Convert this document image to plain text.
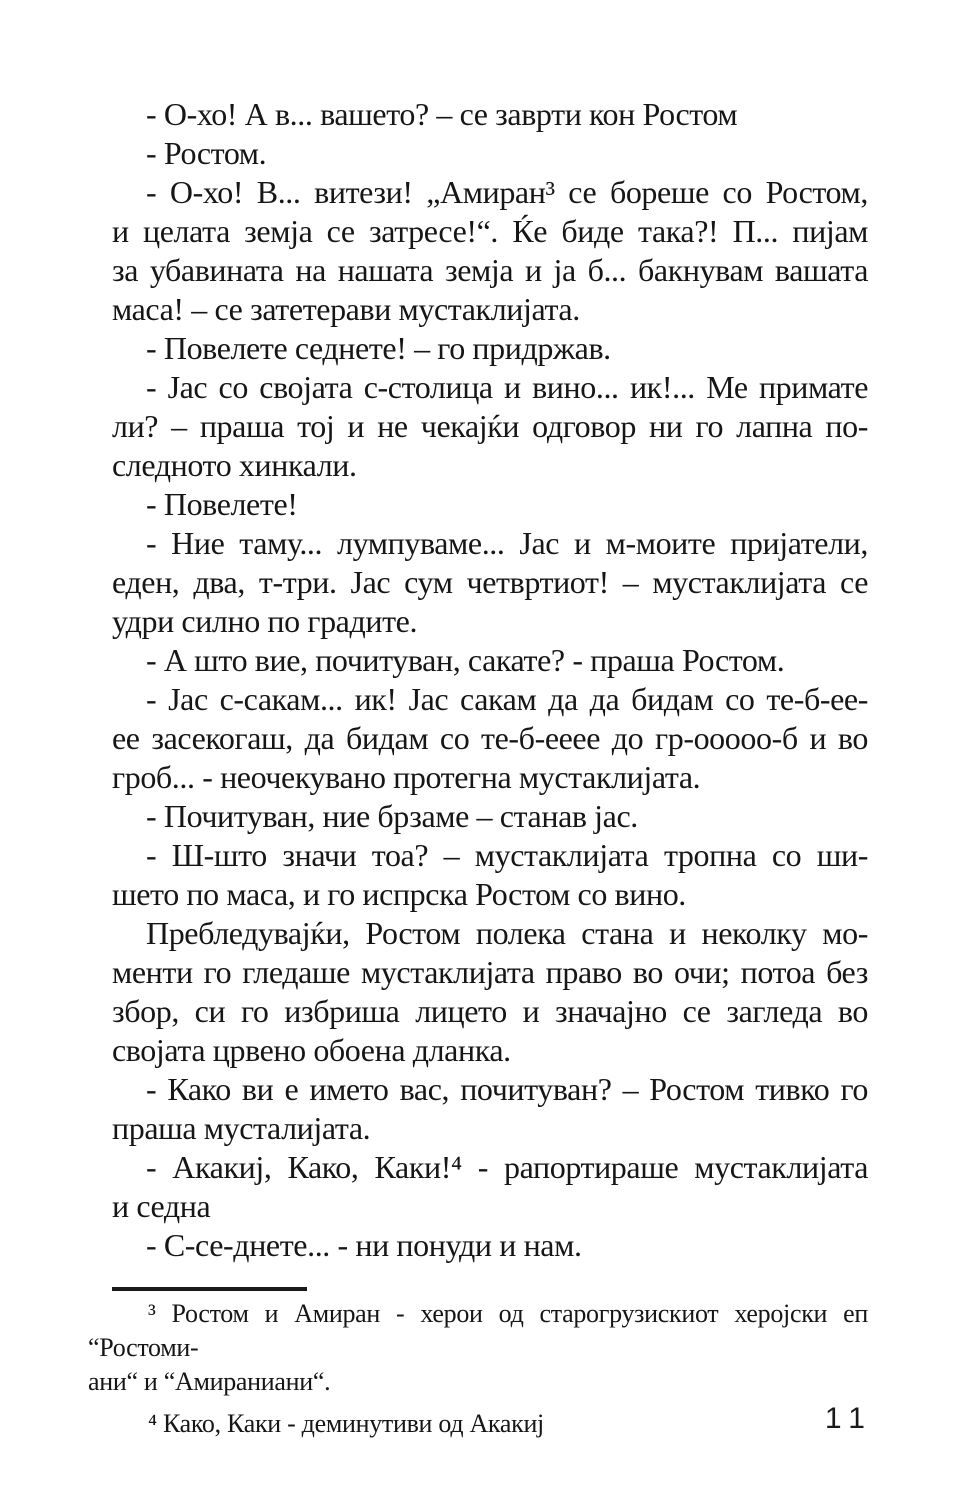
- О-хо! А в... вашето? – се заврти кон Ростом
- Ростом.
- О-хо! В... витези! „Амиран³ се бореше со Ростом,
и целата земја се затресе!“. Ќе биде така?! П... пијам
за убавината на нашата земја и ја б... бакнувам вашата
маса! – се затетерави мустаклијата.
- Повелете седнете! – го придржав.
- Јас со својата с-столица и вино... ик!... Ме примате
ли? – праша тој и не чекајќи одговор ни го лапна по-
следното хинкали.
- Повелете!
- Ние таму... лумпуваме... Јас и м-моите пријатели,
еден, два, т-три. Јас сум четвртиот! – мустаклијата се
удри силно по градите.
- А што вие, почитуван, сакате? - праша Ростом.
- Јас с-сакам... ик! Јас сакам да да бидам со те-б-ее-
ее засекогаш, да бидам со те-б-ееее до гр-ооооо-б и во
гроб... - неочекувано протегна мустаклијата.
- Почитуван, ние брзаме – станав јас.
- Ш-што значи тоа? – мустаклијата тропна со ши-
шето по маса, и го испрска Ростом со вино.
Пребледувајќи, Ростом полека стана и неколку мо-
менти го гледаше мустаклијата право во очи; потоа без
збор, си го избриша лицето и значајно се загледа во
својата црвено обоена дланка.
- Како ви е името вас, почитуван? – Ростом тивко го
праша мусталијата.
- Акакиј, Како, Каки!⁴ - рапортираше мустаклијата
и седна
- С-се-днете... - ни понуди и нам.
³ Ростом и Амиран - херои од старогрузискиот херојски еп “Ростоми-
ани“ и “Амираниани“.
⁴ Како, Каки - деминутиви од Акакиј	11
